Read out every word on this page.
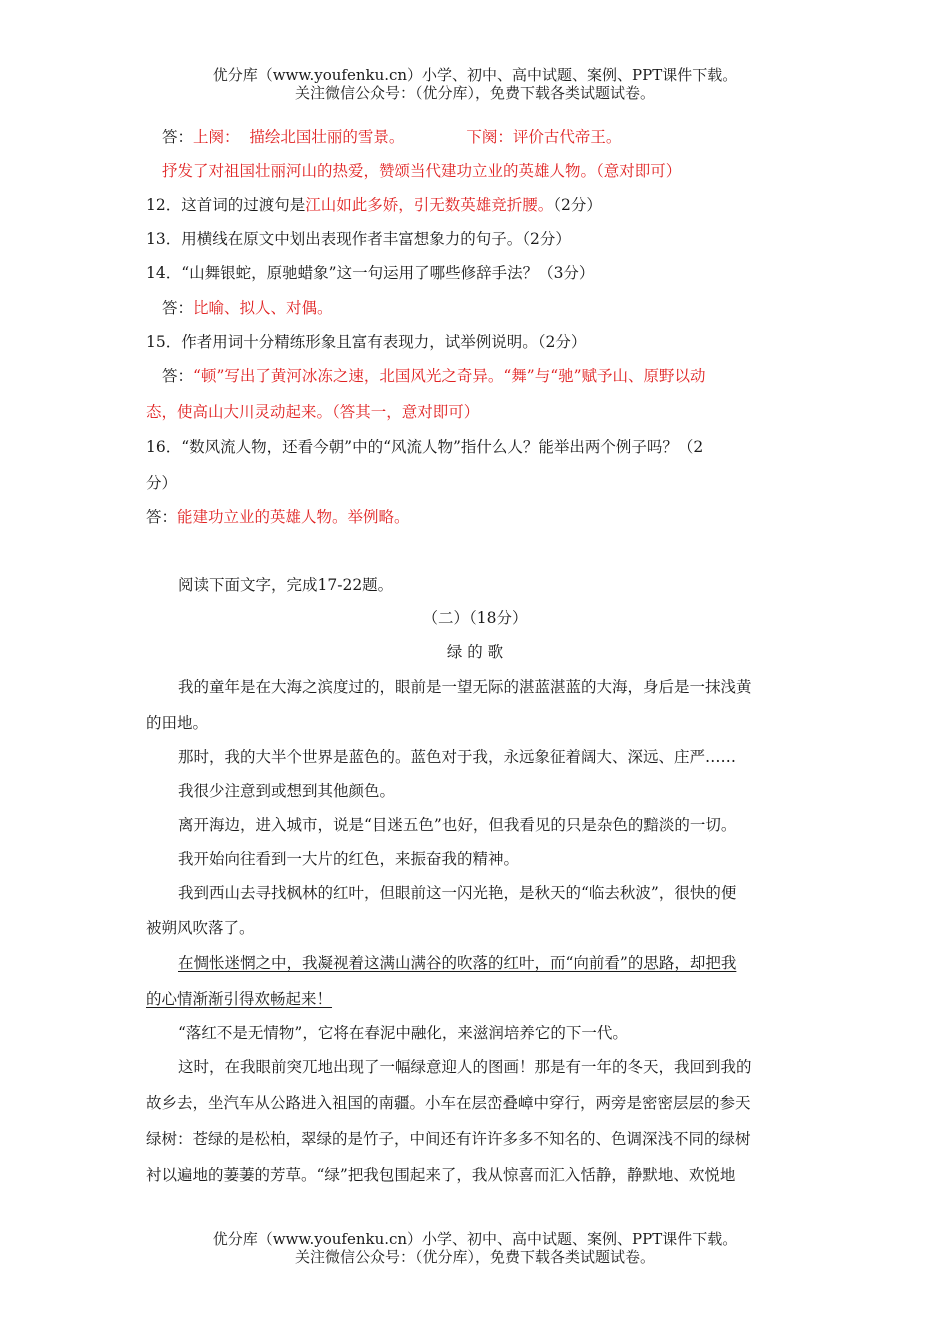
优分库（www.youfenku.cn）小学、初中、高中试题、案例、PPT课件下载。
关注微信公众号：（优分库），免费下载各类试题试卷。
答：上阕：  描绘北国壮丽的雪景。	下阕：评价古代帝王。
抒发了对祖国壮丽河山的热爱，赞颂当代建功立业的英雄人物。（意对即可）
12．这首词的过渡句是江山如此多娇，引无数英雄竞折腰。（2分）
13．用横线在原文中划出表现作者丰富想象力的句子。（2分）
14．“山舞银蛇，原驰蜡象”这一句运用了哪些修辞手法？（3分）
答：比喻、拟人、对偶。
15．作者用词十分精练形象且富有表现力，试举例说明。（2分）
答：“顿”写出了黄河冰冻之速，北国风光之奇异。“舞”与“驰”赋予山、原野以动
态，使高山大川灵动起来。（答其一，意对即可）
16．“数风流人物，还看今朝”中的“风流人物”指什么人？能举出两个例子吗？（2
分）
答：能建功立业的英雄人物。举例略。
阅读下面文字，完成17-22题。
（二）（18分）
绿 的 歌
我的童年是在大海之滨度过的，眼前是一望无际的湛蓝湛蓝的大海，身后是一抹浅黄
的田地。
那时，我的大半个世界是蓝色的。蓝色对于我，永远象征着阔大、深远、庄严……
我很少注意到或想到其他颜色。
离开海边，进入城市，说是“目迷五色”也好，但我看见的只是杂色的黯淡的一切。
我开始向往看到一大片的红色，来振奋我的精神。
我到西山去寻找枫林的红叶，但眼前这一闪光艳，是秋天的“临去秋波”，很快的便
被朔风吹落了。
在惆怅迷惘之中，我凝视着这满山满谷的吹落的红叶，而“向前看”的思路，却把我
的心情渐渐引得欢畅起来！
“落红不是无情物”，它将在春泥中融化，来滋润培养它的下一代。
这时，在我眼前突兀地出现了一幅绿意迎人的图画！那是有一年的冬天，我回到我的
故乡去，坐汽车从公路进入祖国的南疆。小车在层峦叠嶂中穿行，两旁是密密层层的参天
绿树：苍绿的是松柏，翠绿的是竹子，中间还有许许多多不知名的、色调深浅不同的绿树
衬以遍地的萋萋的芳草。“绿”把我包围起来了，我从惊喜而汇入恬静，静默地、欢悦地
优分库（www.youfenku.cn）小学、初中、高中试题、案例、PPT课件下载。
关注微信公众号：（优分库），免费下载各类试题试卷。
